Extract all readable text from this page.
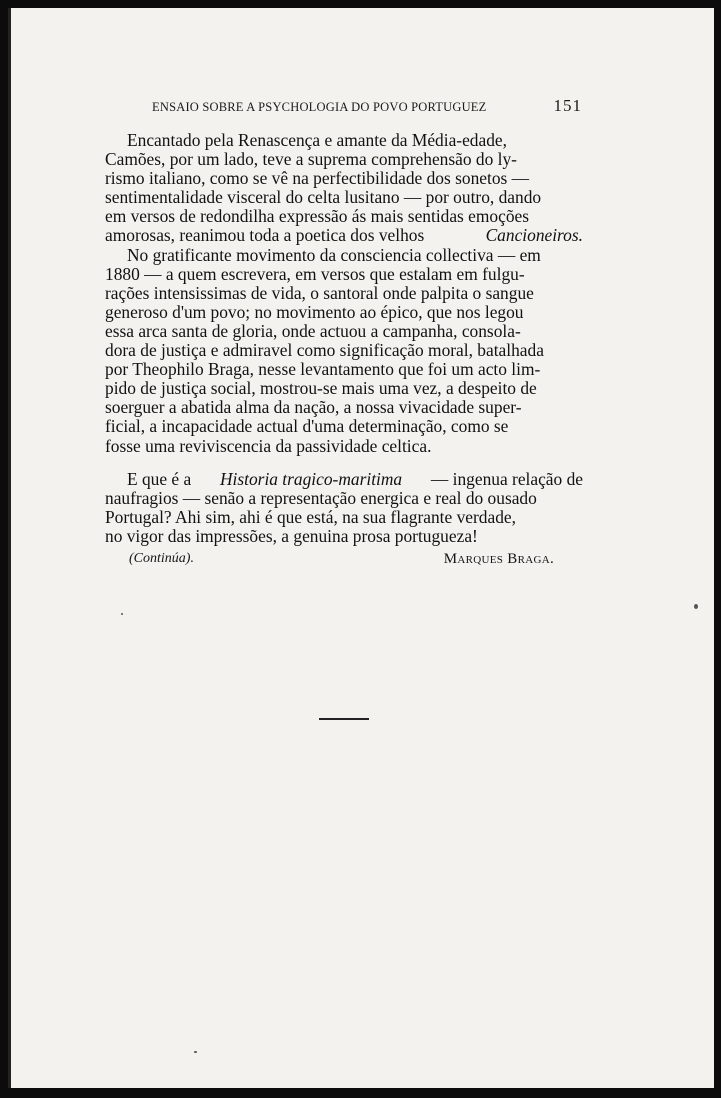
ENSAIO SOBRE A PSYCHOLOGIA DO POVO PORTUGUEZ	151
Encantado pela Renascença e amante da Média-edade,
Camões, por um lado, teve a suprema comprehensão do ly-
rismo italiano, como se vê na perfectibilidade dos sonetos —
sentimentalidade visceral do celta lusitano — por outro, dando
em versos de redondilha expressão ás mais sentidas emoções
amorosas, reanimou toda a poetica dos velhos	Cancioneiros.
No gratificante movimento da consciencia collectiva — em
1880 — a quem escrevera, em versos que estalam em fulgu-
rações intensissimas de vida, o santoral onde palpita o sangue
generoso d'um povo; no movimento ao épico, que nos legou
essa arca santa de gloria, onde actuou a campanha, consola-
dora de justiça e admiravel como significação moral, batalhada
por Theophilo Braga, nesse levantamento que foi um acto lim-
pido de justiça social, mostrou-se mais uma vez, a despeito de
soerguer a abatida alma da nação, a nossa vivacidade super-
ficial, a incapacidade actual d'uma determinação, como se
fosse uma reviviscencia da passividade celtica.
E que é a Historia tragico-maritima — ingenua relação de
naufragios — senão a representação energica e real do ousado
Portugal? Ahi sim, ahi é que está, na sua flagrante verdade,
no vigor das impressões, a genuina prosa portugueza!
(Continúa).	Marques Braga.
